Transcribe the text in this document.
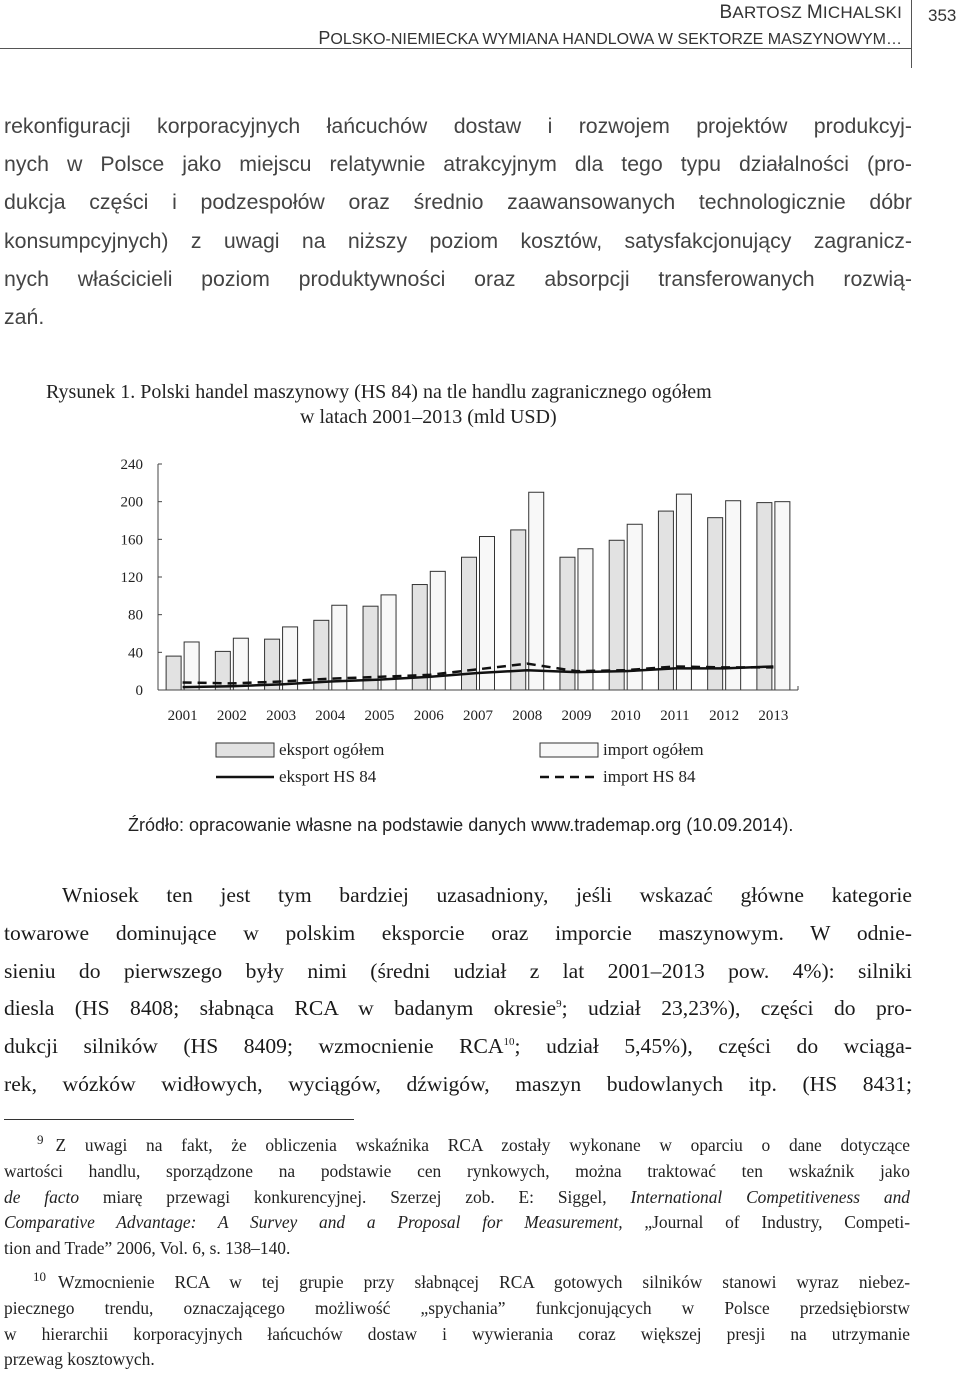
BARTOSZ MICHALSKI
POLSKO-NIEMIECKA WYMIANA HANDLOWA W SEKTORZE MASZYNOWYM…
353
rekonfiguracji korporacyjnych łańcuchów dostaw i rozwojem projektów produkcyj-
nych w Polsce jako miejscu relatywnie atrakcyjnym dla tego typu działalności (pro-
dukcja części i podzespołów oraz średnio zaawansowanych technologicznie dóbr
konsumpcyjnych) z uwagi na niższy poziom kosztów, satysfakcjonujący zagranicz-
nych właścicieli poziom produktywności oraz absorpcji transferowanych rozwią-
zań.
Rysunek 1. Polski handel maszynowy (HS 84) na tle handlu zagranicznego ogółem
w latach 2001–2013 (mld USD)
0
40
80
120
160
200
240
2001 2002 2003 2004 2005 2006 2007 2008 2009 2010 2011 2012 2013
eksport ogółem	import ogółem
eksport HS 84	import HS 84
Źródło: opracowanie własne na podstawie danych www.trademap.org (10.09.2014).
Wniosek ten jest tym bardziej uzasadniony, jeśli wskazać główne kategorie
towarowe dominujące w polskim eksporcie oraz imporcie maszynowym. W odnie-
sieniu do pierwszego były nimi (średni udział z lat 2001–2013 pow. 4%): silniki
diesla (HS 8408; słabnąca RCA w badanym okresie$^9$; udział 23,23%), części do pro-
dukcji silników (HS 8409; wzmocnienie RCA$^{10}$; udział 5,45%), części do wciąga-
rek, wózków widłowych, wyciągów, dźwigów, maszyn budowlanych itp. (HS 8431;
$^9$ Z uwagi na fakt, że obliczenia wskaźnika RCA zostały wykonane w oparciu o dane dotyczące
wartości handlu, sporządzone na podstawie cen rynkowych, można traktować ten wskaźnik jako
de facto miarę przewagi konkurencyjnej. Szerzej zob. E: Siggel, International Competitiveness and
Comparative Advantage: A Survey and a Proposal for Measurement, „Journal of Industry, Competi-
tion and Trade” 2006, Vol. 6, s. 138–140.
$^{10}$ Wzmocnienie RCA w tej grupie przy słabnącej RCA gotowych silników stanowi wyraz niebez-
piecznego trendu, oznaczającego możliwość „spychania” funkcjonujących w Polsce przedsiębiorstw
w hierarchii korporacyjnych łańcuchów dostaw i wywierania coraz większej presji na utrzymanie
przewag kosztowych.
